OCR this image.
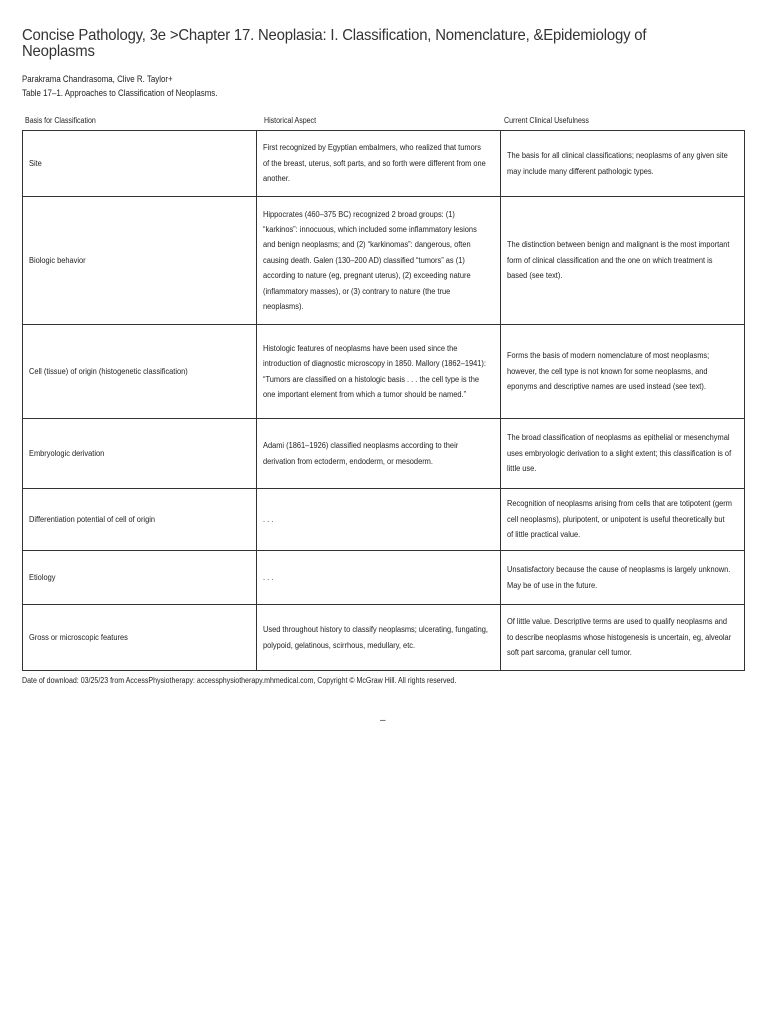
Concise Pathology, 3e >Chapter 17. Neoplasia: I. Classification, Nomenclature, &Epidemiology of
Neoplasms
Parakrama Chandrasoma, Clive R. Taylor+
Table 17–1. Approaches to Classification of Neoplasms.
Basis for Classification	Historical Aspect	Current Clinical Usefulness
Site	First recognized by Egyptian embalmers, who realized that tumors of the breast, uterus, soft parts, and so forth were different from one another.	The basis for all clinical classifications; neoplasms of any given site may include many different pathologic types.

Biologic behavior	Hippocrates (460–375 BC) recognized 2 broad groups: (1) “karkinos”: innocuous, which included some inflammatory lesions and benign neoplasms; and (2) “karkinomas”: dangerous, often causing death. Galen (130–200 AD) classified “tumors” as (1) according to nature (eg, pregnant uterus), (2) exceeding nature (inflammatory masses), or (3) contrary to nature (the true neoplasms).	The distinction between benign and malignant is the most important form of clinical classification and the one on which treatment is based (see text).

Cell (tissue) of origin (histogenetic classification)	Histologic features of neoplasms have been used since the introduction of diagnostic microscopy in 1850. Mallory (1862–1941): “Tumors are classified on a histologic basis . . . the cell type is the one important element from which a tumor should be named.”	Forms the basis of modern nomenclature of most neoplasms; however, the cell type is not known for some neoplasms, and eponyms and descriptive names are used instead (see text).

Embryologic derivation	Adami (1861–1926) classified neoplasms according to their derivation from ectoderm, endoderm, or mesoderm.	The broad classification of neoplasms as epithelial or mesenchymal uses embryologic derivation to a slight extent; this classification is of little use.

Differentiation potential of cell of origin	. . .	Recognition of neoplasms arising from cells that are totipotent (germ cell neoplasms), pluripotent, or unipotent is useful theoretically but of little practical value.

Etiology	. . .	Unsatisfactory because the cause of neoplasms is largely unknown. May be of use in the future.

Gross or microscopic features	Used throughout history to classify neoplasms; ulcerating, fungating, polypoid, gelatinous, scirrhous, medullary, etc.	Of little value. Descriptive terms are used to qualify neoplasms and to describe neoplasms whose histogenesis is uncertain, eg, alveolar soft part sarcoma, granular cell tumor.
Date of download: 03/25/23 from AccessPhysiotherapy: accessphysiotherapy.mhmedical.com, Copyright © McGraw Hill. All rights reserved.
–
